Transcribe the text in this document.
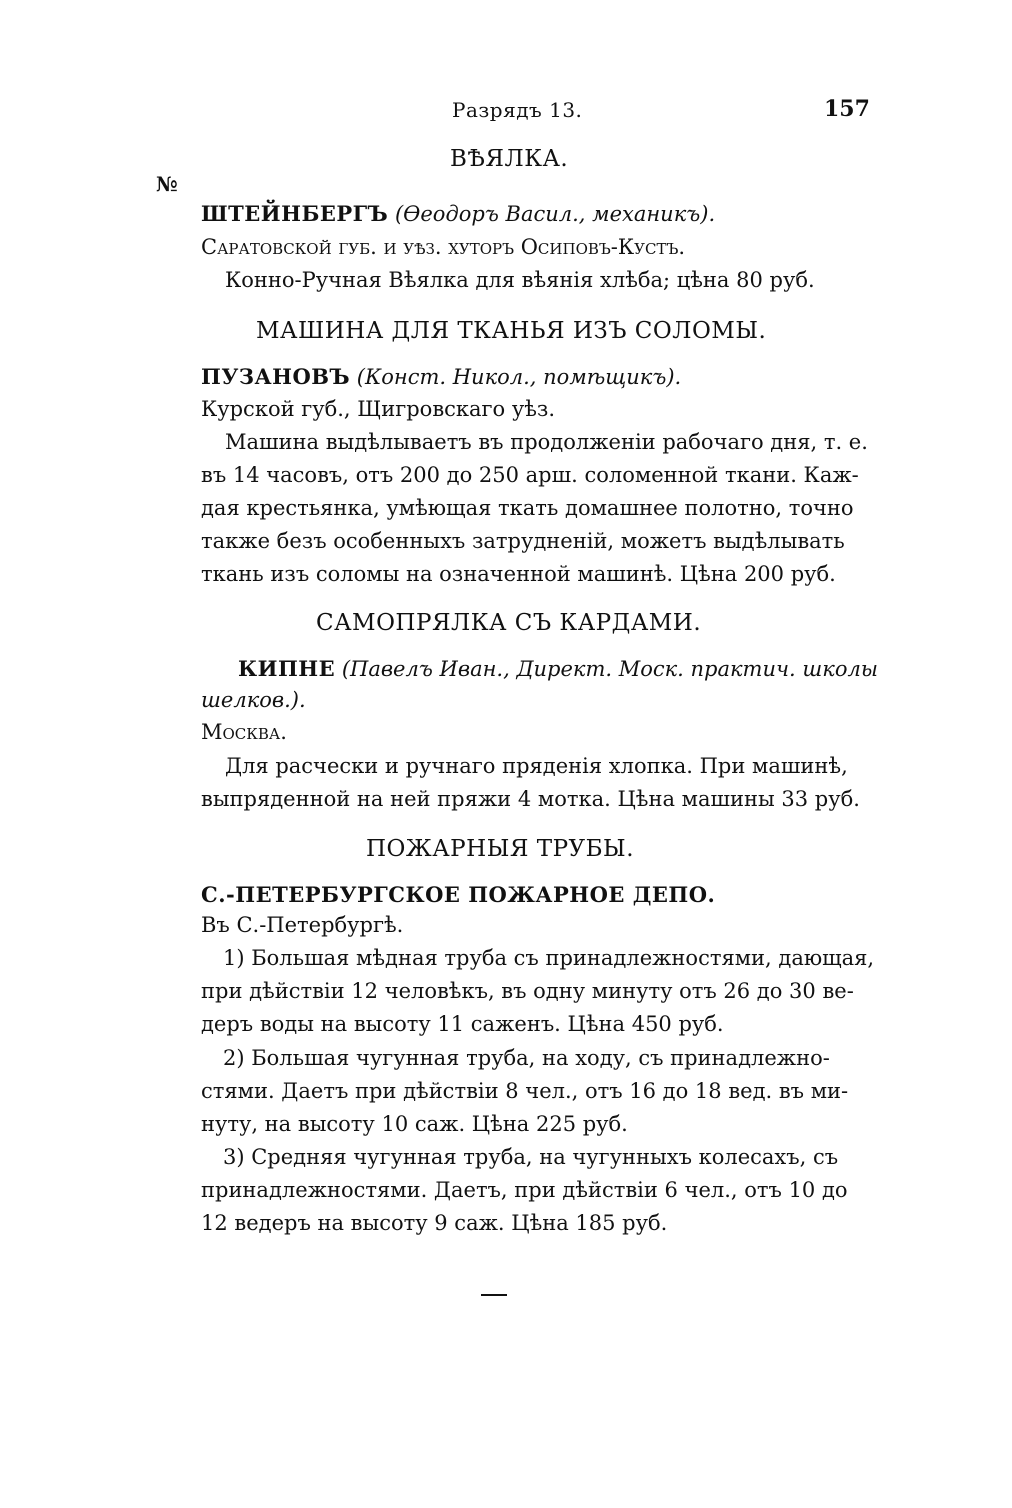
Разрядъ 13.	157
№
ВѢЯЛКА.
ШТЕЙНБЕРГЪ (Өеодоръ Васил., механикъ).
Саратовской губ. и уѣз. хуторъ Осиповъ-Кустъ.
Конно-Ручная Вѣялка для вѣянія хлѣба; цѣна 80 руб.
МАШИНА ДЛЯ ТКАНЬЯ ИЗЪ СОЛОМЫ.
ПУЗАНОВЪ (Конст. Никол., помѣщикъ).
Курской губ., Щигровскаго уѣз.
Машина выдѣлываетъ въ продолженіи рабочаго дня, т. е.
въ 14 часовъ, отъ 200 до 250 арш. соломенной ткани. Каж-
дая крестьянка, умѣющая ткать домашнее полотно, точно
также безъ особенныхъ затрудненій, можетъ выдѣлывать
ткань изъ соломы на означенной машинѣ. Цѣна 200 руб.
САМОПРЯЛКА СЪ КАРДАМИ.
КИПНЕ (Павелъ Иван., Директ. Моск. практич. школы
шелков.).
Москва.
Для расчески и ручнаго пряденія хлопка. При машинѣ,
выпряденной на ней пряжи 4 мотка. Цѣна машины 33 руб.
ПОЖАРНЫЯ ТРУБЫ.
С.-ПЕТЕРБУРГСКОЕ ПОЖАРНОЕ ДЕПО.
Въ С.-Петербургѣ.
1) Большая мѣдная труба съ принадлежностями, дающая,
при дѣйствіи 12 человѣкъ, въ одну минуту отъ 26 до 30 ве-
деръ воды на высоту 11 саженъ. Цѣна 450 руб.
2) Большая чугунная труба, на ходу, съ принадлежно-
стями. Даетъ при дѣйствіи 8 чел., отъ 16 до 18 вед. въ ми-
нуту, на высоту 10 саж. Цѣна 225 руб.
3) Средняя чугунная труба, на чугунныхъ колесахъ, съ
принадлежностями. Даетъ, при дѣйствіи 6 чел., отъ 10 до
12 ведеръ на высоту 9 саж. Цѣна 185 руб.
